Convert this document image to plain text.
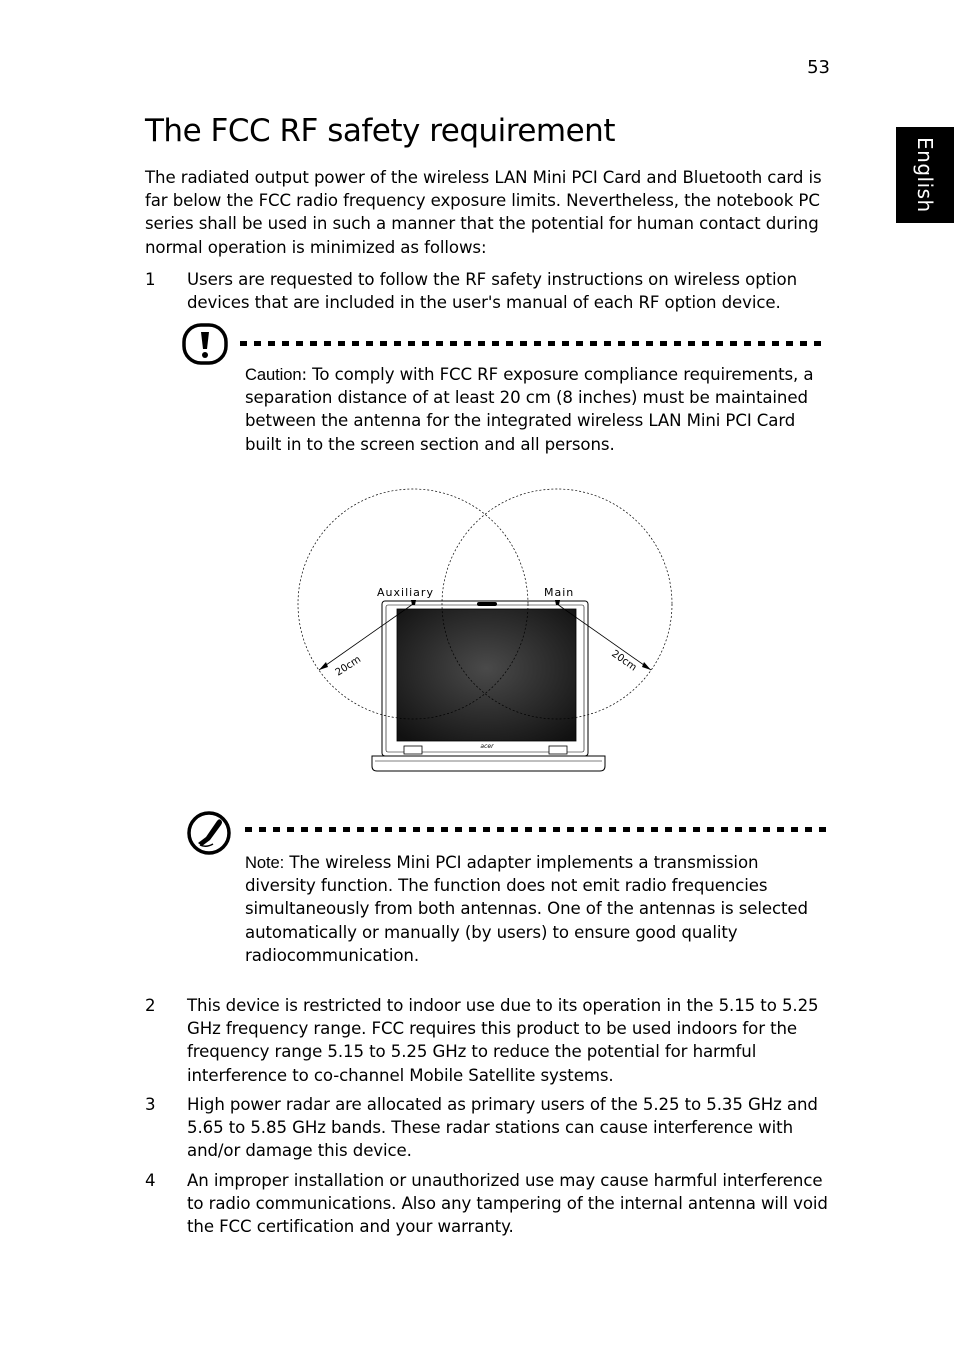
53
English
The FCC RF safety requirement

The radiated output power of the wireless LAN Mini PCI Card and Bluetooth card is far below the FCC radio frequency exposure limits. Nevertheless, the notebook PC series shall be used in such a manner that the potential for human contact during normal operation is minimized as follows:

1	Users are requested to follow the RF safety instructions on wireless option devices that are included in the user's manual of each RF option device.
Caution: To comply with FCC RF exposure compliance requirements, a separation distance of at least 20 cm (8 inches) must be maintained between the antenna for the integrated wireless LAN Mini PCI Card built in to the screen section and all persons.
acer
Auxiliary	Main
20cm	20cm
Note: The wireless Mini PCI adapter implements a transmission diversity function. The function does not emit radio frequencies simultaneously from both antennas. One of the antennas is selected automatically or manually (by users) to ensure good quality radiocommunication.
2	This device is restricted to indoor use due to its operation in the 5.15 to 5.25 GHz frequency range. FCC requires this product to be used indoors for the frequency range 5.15 to 5.25 GHz to reduce the potential for harmful interference to co-channel Mobile Satellite systems.
3	High power radar are allocated as primary users of the 5.25 to 5.35 GHz and 5.65 to 5.85 GHz bands. These radar stations can cause interference with and/or damage this device.
4	An improper installation or unauthorized use may cause harmful interference to radio communications. Also any tampering of the internal antenna will void the FCC certification and your warranty.
